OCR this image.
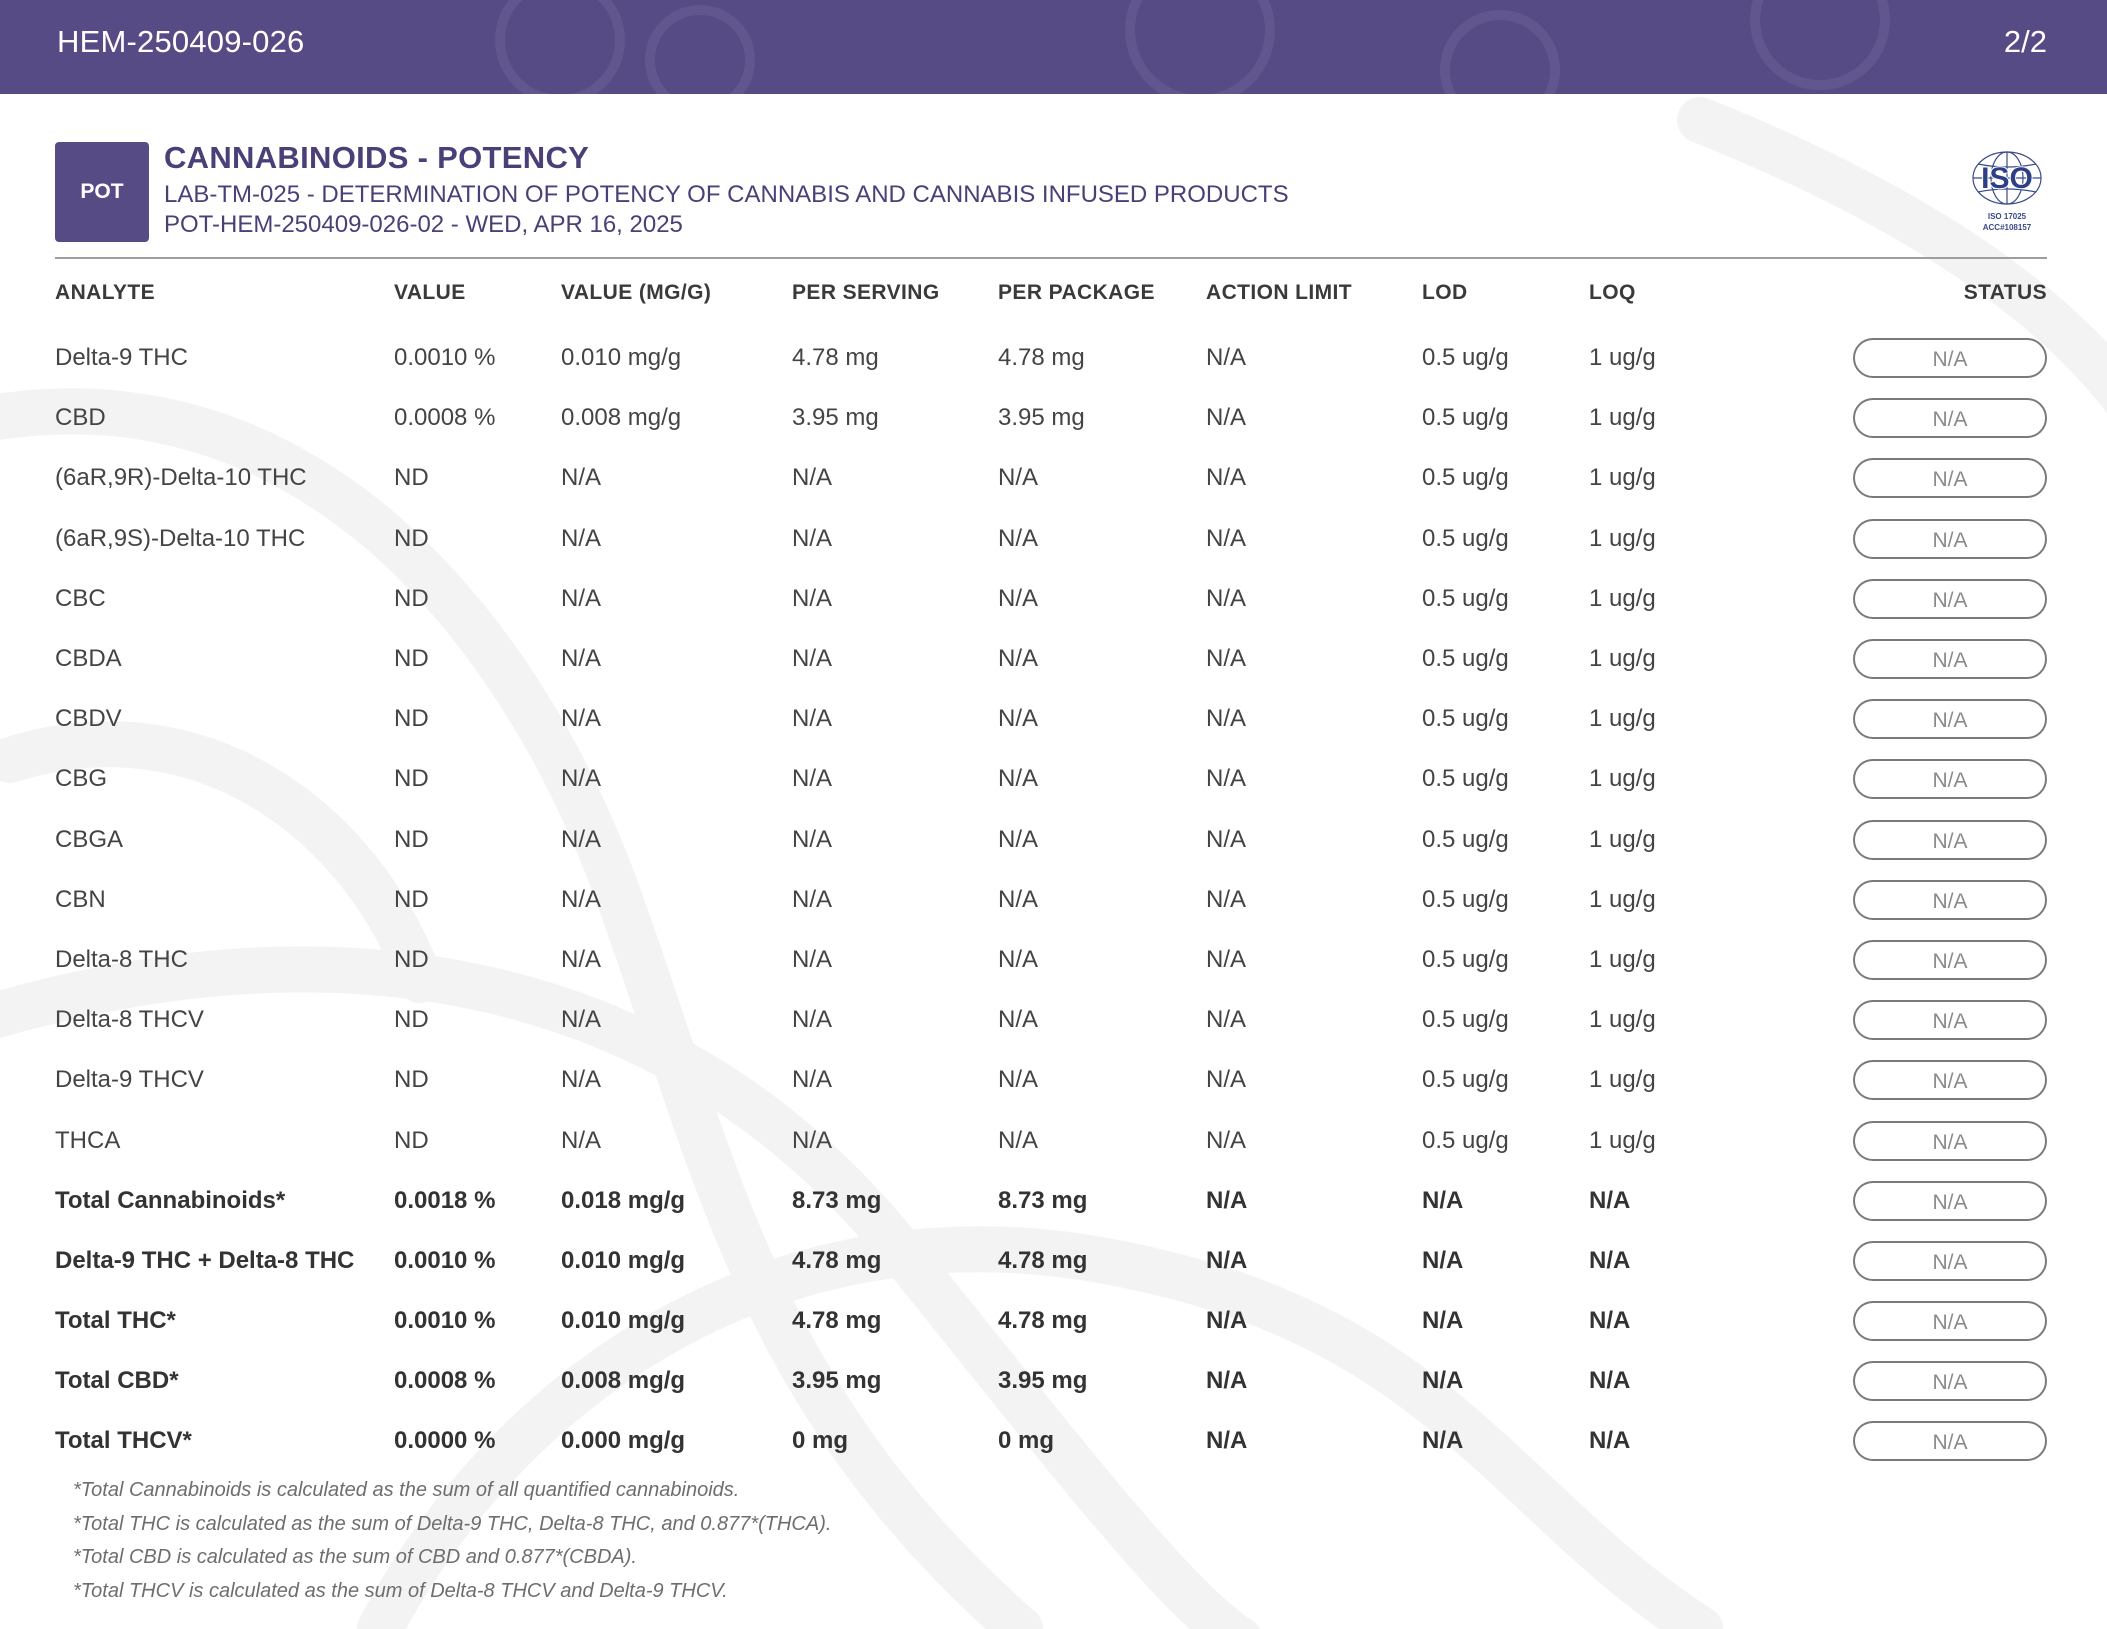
HEM-250409-026	2/2
POT
CANNABINOIDS - POTENCY
LAB-TM-025 - DETERMINATION OF POTENCY OF CANNABIS AND CANNABIS INFUSED PRODUCTS
POT-HEM-250409-026-02 - WED, APR 16, 2025
ISO
ISO 17025
ACC#108157
ANALYTE	VALUE	VALUE (MG/G)	PER SERVING	PER PACKAGE	ACTION LIMIT	LOD	LOQ	STATUS
Delta-9 THC	0.0010 %	0.010 mg/g	4.78 mg	4.78 mg	N/A	0.5 ug/g	1 ug/g	N/A
CBD	0.0008 %	0.008 mg/g	3.95 mg	3.95 mg	N/A	0.5 ug/g	1 ug/g	N/A
(6aR,9R)-Delta-10 THC	ND	N/A	N/A	N/A	N/A	0.5 ug/g	1 ug/g	N/A
(6aR,9S)-Delta-10 THC	ND	N/A	N/A	N/A	N/A	0.5 ug/g	1 ug/g	N/A
CBC	ND	N/A	N/A	N/A	N/A	0.5 ug/g	1 ug/g	N/A
CBDA	ND	N/A	N/A	N/A	N/A	0.5 ug/g	1 ug/g	N/A
CBDV	ND	N/A	N/A	N/A	N/A	0.5 ug/g	1 ug/g	N/A
CBG	ND	N/A	N/A	N/A	N/A	0.5 ug/g	1 ug/g	N/A
CBGA	ND	N/A	N/A	N/A	N/A	0.5 ug/g	1 ug/g	N/A
CBN	ND	N/A	N/A	N/A	N/A	0.5 ug/g	1 ug/g	N/A
Delta-8 THC	ND	N/A	N/A	N/A	N/A	0.5 ug/g	1 ug/g	N/A
Delta-8 THCV	ND	N/A	N/A	N/A	N/A	0.5 ug/g	1 ug/g	N/A
Delta-9 THCV	ND	N/A	N/A	N/A	N/A	0.5 ug/g	1 ug/g	N/A
THCA	ND	N/A	N/A	N/A	N/A	0.5 ug/g	1 ug/g	N/A
Total Cannabinoids*	0.0018 %	0.018 mg/g	8.73 mg	8.73 mg	N/A	N/A	N/A	N/A
Delta-9 THC + Delta-8 THC	0.0010 %	0.010 mg/g	4.78 mg	4.78 mg	N/A	N/A	N/A	N/A
Total THC*	0.0010 %	0.010 mg/g	4.78 mg	4.78 mg	N/A	N/A	N/A	N/A
Total CBD*	0.0008 %	0.008 mg/g	3.95 mg	3.95 mg	N/A	N/A	N/A	N/A
Total THCV*	0.0000 %	0.000 mg/g	0 mg	0 mg	N/A	N/A	N/A	N/A
*Total Cannabinoids is calculated as the sum of all quantified cannabinoids.
*Total THC is calculated as the sum of Delta-9 THC, Delta-8 THC, and 0.877*(THCA).
*Total CBD is calculated as the sum of CBD and 0.877*(CBDA).
*Total THCV is calculated as the sum of Delta-8 THCV and Delta-9 THCV.
